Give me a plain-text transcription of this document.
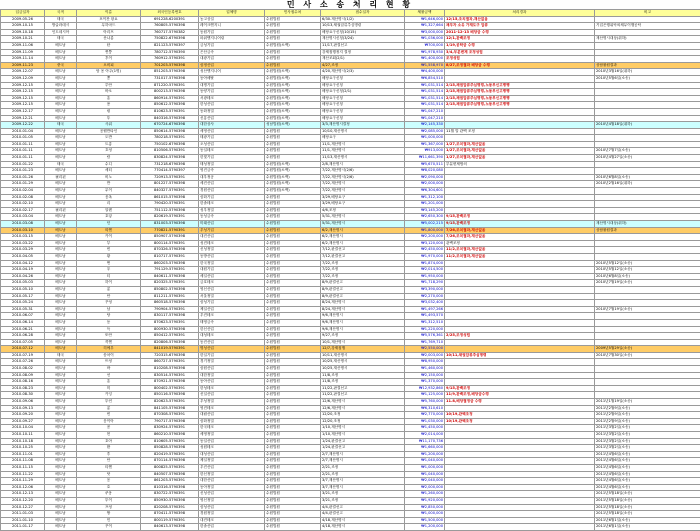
민 사 소 송 처 리 현 황
입금일자	국적	이름	외국인등록번호	업체명	민사접수처	접수일자	체불금액	처리경과	비고
2009-05-26	태국	포이잔 왕요	691228-6200391	농고상걸	수원법원	6/30.재산명시(1/2)	₩1,646,000	12/15,조치결과,재산없음	
2009-10-15	방글라데시	무하마드	760805-5790398	레이크엔지니	수원법원	10/13,채권압류추심명령	₩1,327,664	채무자 소유 가재도구 압류	기업은행위탁외채무이행공탁
2009-10-18	인도네시아	아리프	760717-5790382	동원기업	수원법원	배당요구신청(10/15)	₩3,000,000	2011-12-13 배당금 수령	
2009-10-21	태국	산나롱	750822-6790398	파워엔지니어링	수원법원	재산명시신청(3/24)	₩1,036,000	12/1,관백조정	재산명시대상(취하)
2009-11-06	베트남	탄	821123-5790397	금성기업	수원법원(소액)	11/17,판결선고	₩700,000	1/19,공탁금 수령	
2009-11-09	베트남	찐쭝	780712-5790390	은산금속	수원법원	강제집행정지 결정	₩1,978,930	3/4,부분변제 조정성립	
2009-11-14	베트남	후이	760912-5790391	대광기업	수원법원	재산조회(2/1)	₩1,400,000	조정성립	
2009-11-23	중국	오비피	701203-5790398	삼정산업	수원법원	4/27,조정	₩1,558,970	8/27,조정결과 배당금 수령	상담불원결과
2009-12-07	베트남	탐 옹 아주(1명)	851203-5790398	성산엔지니어	수원법원(소액)	4/20,재산명시(2/3)	₩4,400,000		2010년3월16일(취하)
2009-12-09	베트남	쫑	731017-5790398	동아메탈	수원법원(소액)	배당요구신청	₩6,854,510		2010년5월6일(소송)
2009-12-15	베트남	투안	871220-5790391	대명기업	수원법원(소액)	배당요구신청	₩1,031,514	2/15,채권압류추심명령,노동부신고병행	
2009-12-15	베트남	바오	800213-5790398	동양기업	수원법원(소액)	배당요구신청(2/1)	₩1,031,514	2/15,채권압류추심명령,노동부신고병행	
2009-12-15	베트남	흥	860914-5790391	서광테크	수원법원(소액)	배당요구신청	₩1,031,514	2/15,채권압류추심명령,노동부신고병행	
2009-12-15	베트남	퐁	850612-5790398	한성산업	수원법원(소액)	배당요구신청	₩1,031,514	2/15,채권압류추심명령,노동부신고병행	
2009-12-17	베트남	렁	810623-5790391	동화정밀	수원법원(소액)	배당요구신청	₩1,047,210		
2009-12-21	베트남	뚜	840316-5790398	신흥산업	수원법원(소액)	배당요구신청	₩1,047,210		
2009-12-22	태국	사위	670724-6790398	대한상사	성남법원(소액)	3/3,재산명시결정	₩2,145,330		2010년4월18일(취하)
2010-01-04	베트남	응웬반타인	850614-5790398	세영산업	수원법원	10/10,재산명시	₩2,085,000	11월 말 관백 조정	
2010-01-05	베트남	도반	780218-5790391	태광기업	수원법원	배당요구	₩1,000,000		
2010-01-11	베트남	트롱	750102-6790398	오성산업	수원법원	11/1,재산명시	₩1,367,000	1/27,조치결과,재산없음	
2010-01-11	베트남	흐엉	810506-5790391	동일테크	수원법원	11/1,재산명시	₩913,000	1/27,조치결과,재산없음	2010년7월7일(소송)
2010-01-11	베트남	람	830824-5790398	한빛기업	수원법원	11/13,재산명시	₩11,661,390	1/27,조치결과,재산없음	2010년4월27일(소송)
2010-01-22	태국	수디	731218-6790398	태성정밀	수원법원(소액)	2/8,재산명시	₩5,670,511	부분변제합의	
2010-01-23	베트남	세티	770414-5790397	영진금속	수원법원(소액)	7/22,재산명시(2/6)	₩8,020,080		
2010-01-26	필리핀	비노	720913-5790391	대우정공	수원법원(소액)	7/22,재산명시(2/6)	₩2,090,000		2010년6월8일(소송)
2010-01-29	베트남	반	801227-5790398	세진산업	수원법원(소액)	7/22,재산명시	₩2,000,000		2010년2월16일(취하)
2010-02-04	베트남	무이	840327-5790391	경원산업	수원법원(소액)	7/22,재산명시	₩6,304,601		
2010-02-08	베트남	응옥	861015-5790398	삼화기업	수원법원	3/29,배당요구	₩1,312,100		
2010-02-10	베트남	리	790420-5790391	한솔테크	수원법원	3/29,배당요구	₩1,201,000		
2010-02-17	필리핀	알렌	751112-5790398	성우정밀	수원법원	4/6,조정	₩3,145,200		
2010-03-04	베트남	호앙	820619-5790391	동성금속	수원법원	5/31,재산명시	₩2,650,300	9/15,관백조정	
2010-03-08	베트남	딘	831003-5790398	미래산업	수원법원	5/31,재산명시	₩5,002,215	9/15,관백조정	재산명시대상(취하)
2010-03-10	베트남	띠엔	770821-5790391	우성기업	수원법원	6/2,재산명시	₩1,800,000	7/26,조치결과,재산없음	상담불원결과
2010-03-15	베트남	카이	850907-5790398	대진산업	수원법원	6/2,재산명시	₩2,200,000	7/26,조치결과,재산없음	
2010-03-22	베트남	부	800114-5790391	성진테크	수원법원	6/2,재산명시	₩3,120,000	관백조정	
2010-03-29	베트남	빈	870326-5790398	신성정밀	수원법원	7/12,판결선고	₩2,450,000	11/2,조치결과,재산없음	
2010-04-05	베트남	꽝	810717-5790391	동방산업	수원법원	7/12,판결선고	₩1,970,000	11/2,조치결과,재산없음	
2010-04-12	베트남	쩐	860203-5790398	한국정밀	수원법원	7/22,조정	₩1,874,000		2010년5월12일(소송)
2010-04-19	베트남	푸	791129-5790391	대원기업	수원법원	7/22,조정	₩2,014,500		2010년5월12일(소송)
2010-04-26	베트남	티	840611-5790398	세일산업	수원법원	7/22,조정	₩1,950,000		2010년6월8일(소송)
2010-05-03	베트남	하이	820325-5790391	금호테크	수원법원	8/9,판결선고	₩1,718,290		2010년7월19일(소송)
2010-05-10	베트남	롱	850802-5790398	영신산업	수원법원	8/9,판결선고	₩3,390,000		
2010-05-17	베트남	안	811211-5790391	서울정밀	수원법원	8/9,판결선고	₩2,270,000		
2010-05-24	베트남	꾸엉	860518-5790398	삼성기업	수원법원	8/24,재산명시	₩3,032,400		
2010-05-31	베트남	남	790904-5790391	제일산업	수원법원	8/24,재산명시	₩1,497,266		2010년7월19일(소송)
2010-06-07	베트남	탕	830117-5790398	우진테크	수원법원	9/6,재산명시	₩1,493,570		
2010-06-14	베트남	동	870623-5790391	태영금속	수원법원	9/6,재산명시	₩1,312,510		
2010-06-21	베트남	득	800930-5790398	한신산업	수원법원	9/6,재산명시	₩1,220,000		
2010-06-28	베트남	또안	850412-5790391	대성테크	수원법원	9/27,조정	₩5,576,361	2/25,조정성립	
2010-07-05	베트남	끼엔	820806-5790398	동진산업	수원법원	10/1,재산명시	₩1,769,710		
2010-07-12	베트남	히에우	841019-5790391	명성산업	수원법원	12/7,강제집행	₩2,550,000		2009년5월29일(소송)
2010-07-19	태국	솜차이	720315-6790398	한일기업	수원법원	10/11,재산명시	₩2,003,000	10/11,채권압류추심명령	2010년7월30일(소송)
2010-07-26	베트남	뜨엉	860727-5790391	경기정밀	수원법원	10/25,재산명시	₩8,950,000		
2010-08-02	베트남	바	810208-5790398	삼원산업	수원법원	10/25,재산명시	₩1,460,000		
2010-08-09	베트남	선	830514-5790391	대한정밀	수원법원	11/8,조정	₩2,150,000		
2010-08-16	베트남	흥	870921-5790398	동아산업	수원법원	11/8,조정	₩1,370,000		
2010-08-23	베트남	미	800402-5790391	한성테크	수원법원	11/22,판결선고	₩12,932,860	9/15,관백조정	
2010-08-30	베트남	카잉	850116-5790398	신일산업	수원법원	11/22,판결선고	₩1,125,000	11/9,관백조정,배당금수령	
2010-09-06	베트남	뚜언	820623-5790391	우성정밀	수원법원	12/6,재산명시	₩5,760,000	11.8,배당결정금 수령	2011년1월19일(소송)
2010-09-13	베트남	롱	841105-5790398	영진테크	수원법원	12/6,재산명시	₩6,310,610		2011년2월9일(소송)
2010-09-20	베트남	빈	870308-5790391	대림산업	수원법원	12/20,조정	₩2,770,000	10/19,관백조정	2011년2월9일(소송)
2010-09-27	베트남	응이아	790717-5790398	삼화정밀	수원법원	12/20,조정	₩1,030,000	10/19,관백조정	2011년2월9일(소송)
2010-10-04	베트남	꽁	830924-5790391	한국테크	수원법원	1/10,재산명시	₩1,450,000		2011년3월2일(소송)
2010-10-11	베트남	띤	860210-5790398	세영정밀	수원법원	1/10,재산명시	₩2,014,000		2011년3월2일(소송)
2010-10-18	베트남	호아	810605-5790391	동일산업	수원법원	1/24,판결선고	₩11,170,736		2011년3월2일(소송)
2010-10-25	베트남	딴	850828-5790398	성원테크	수원법원	1/24,판결선고	₩1,660,000		2011년3월2일(소송)
2010-11-01	베트남	후	820419-5790391	대성산업	수원법원	2/7,재산명시	₩1,200,000		2011년4월6일(소송)
2010-11-08	베트남	안	870114-5790398	제일정밀	수원법원	2/7,재산명시	₩1,040,000		2011년4월6일(소송)
2010-11-15	베트남	티엔	800825-5790391	우진산업	수원법원	2/21,조정	₩1,000,000		2011년4월6일(소송)
2010-11-22	베트남	닷	840507-5790398	한신정밀	수원법원	2/21,조정	₩1,040,000		2011년4월6일(소송)
2010-11-29	베트남	응	861203-5790391	대한산업	수원법원	3/7,재산명시	₩2,040,000		2011년4월6일(소송)
2010-12-06	베트남	호	810316-5790398	동아정밀	수원법원	3/7,재산명시	₩2,000,000		2011년4월6일(소송)
2010-12-13	베트남	쿠옹	830722-5790391	신성산업	수원법원	3/21,조정	₩1,260,000		2011년5월18일(소송)
2010-12-20	베트남	뚜이	850930-5790398	영신정밀	수원법원	3/21,조정	₩1,920,000		2011년5월18일(소송)
2010-12-27	베트남	프엉	820208-5790391	삼성산업	수원법원	4/4,판결선고	₩2,850,000		2011년5월18일(소송)
2011-01-03	베트남	짱	870411-5790398	경원정밀	수원법원	4/4,판결선고	₩1,000,000		2011년5월18일(소송)
2011-01-10	베트남	민	800119-5790391	대진테크	수원법원	4/18,재산명시	₩1,500,000		2011년6월1일(소송)
2011-01-17	베트남	꾸이	840613-5790398	한솔산업	수원법원	4/18,재산명시	₩1,200,000		2011년6월1일(소송)
